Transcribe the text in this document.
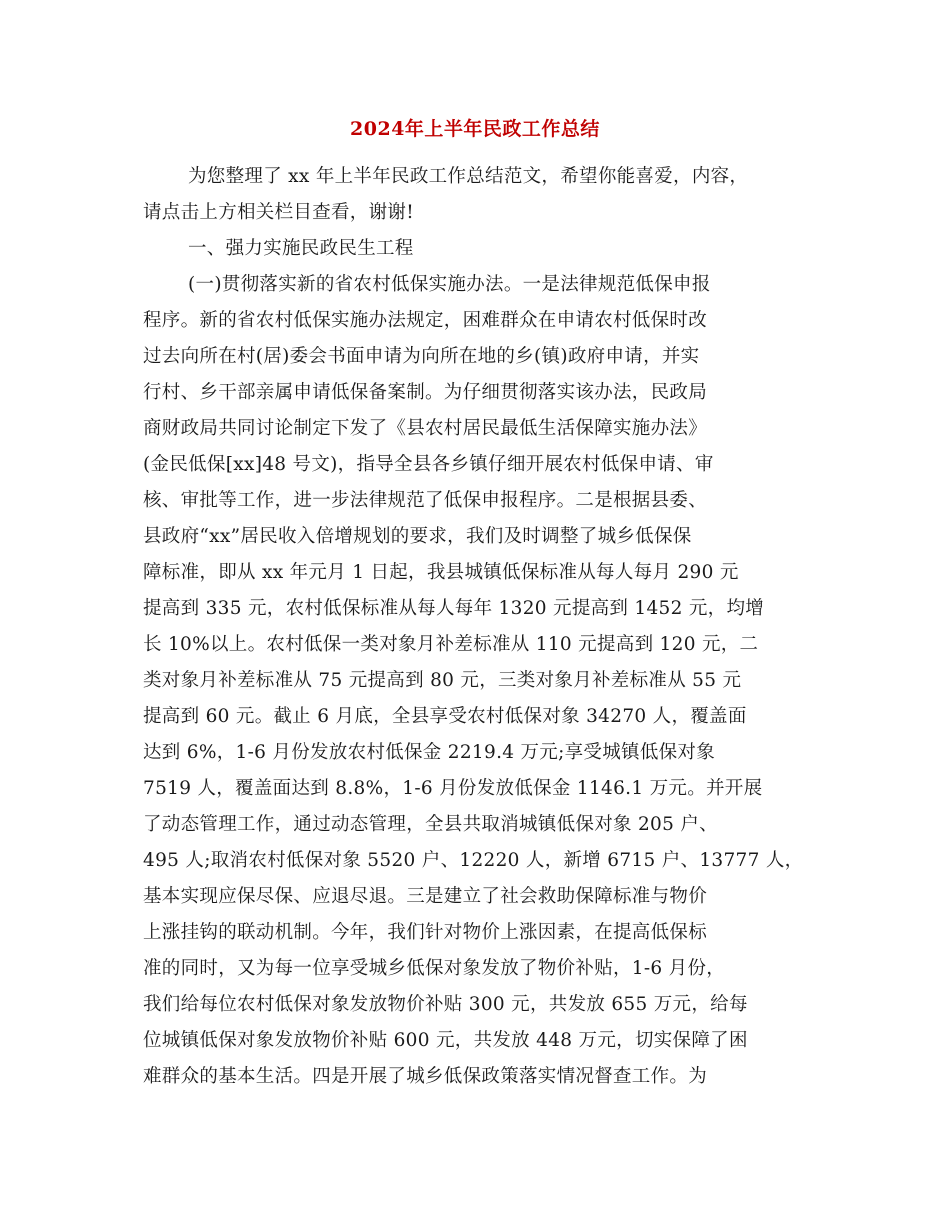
2024年上半年民政工作总结
为您整理了 xx 年上半年民政工作总结范文，希望你能喜爱，内容，
请点击上方相关栏目查看，谢谢!
一、强力实施民政民生工程
(一)贯彻落实新的省农村低保实施办法。一是法律规范低保申报
程序。新的省农村低保实施办法规定，困难群众在申请农村低保时改
过去向所在村(居)委会书面申请为向所在地的乡(镇)政府申请，并实
行村、乡干部亲属申请低保备案制。为仔细贯彻落实该办法，民政局
商财政局共同讨论制定下发了《县农村居民最低生活保障实施办法》
(金民低保[xx]48 号文)，指导全县各乡镇仔细开展农村低保申请、审
核、审批等工作，进一步法律规范了低保申报程序。二是根据县委、
县政府“xx”居民收入倍增规划的要求，我们及时调整了城乡低保保
障标准，即从 xx 年元月 1 日起，我县城镇低保标准从每人每月 290 元
提高到 335 元，农村低保标准从每人每年 1320 元提高到 1452 元，均增
长 10%以上。农村低保一类对象月补差标准从 110 元提高到 120 元，二
类对象月补差标准从 75 元提高到 80 元，三类对象月补差标准从 55 元
提高到 60 元。截止 6 月底，全县享受农村低保对象 34270 人，覆盖面
达到 6%，1-6 月份发放农村低保金 2219.4 万元;享受城镇低保对象
7519 人，覆盖面达到 8.8%，1-6 月份发放低保金 1146.1 万元。并开展
了动态管理工作，通过动态管理，全县共取消城镇低保对象 205 户、
495 人;取消农村低保对象 5520 户、12220 人，新增 6715 户、13777 人，
基本实现应保尽保、应退尽退。三是建立了社会救助保障标准与物价
上涨挂钩的联动机制。今年，我们针对物价上涨因素，在提高低保标
准的同时，又为每一位享受城乡低保对象发放了物价补贴，1-6 月份，
我们给每位农村低保对象发放物价补贴 300 元，共发放 655 万元，给每
位城镇低保对象发放物价补贴 600 元，共发放 448 万元，切实保障了困
难群众的基本生活。四是开展了城乡低保政策落实情况督查工作。为
